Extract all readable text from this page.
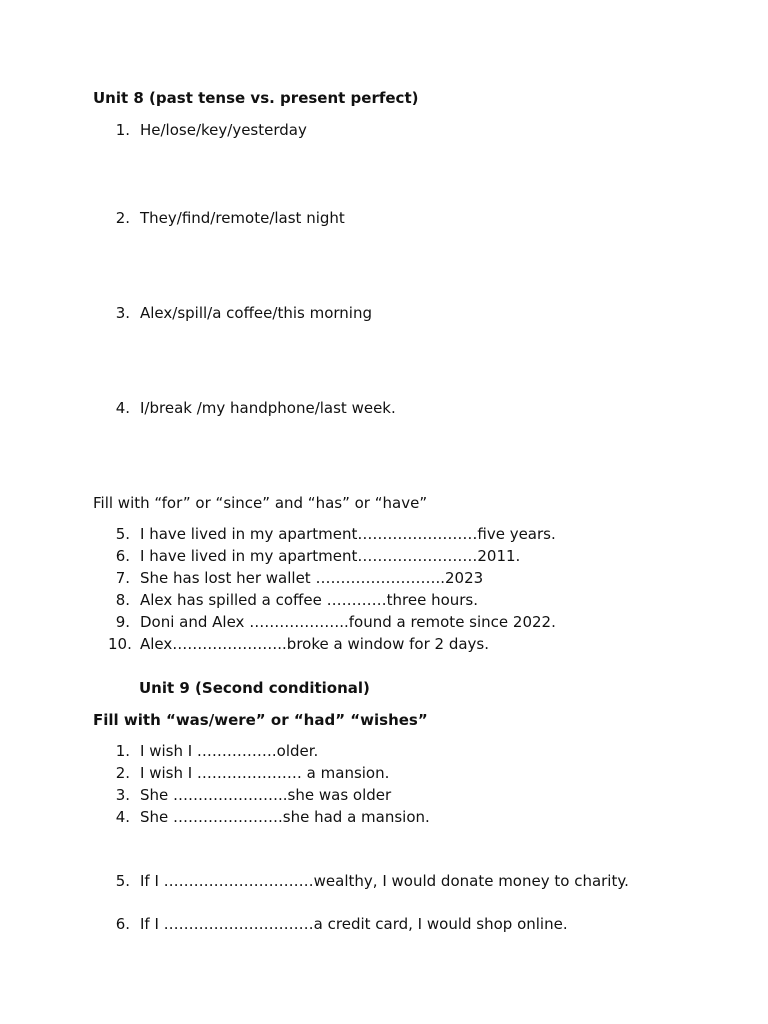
Unit 8 (past tense vs. present perfect)
1. He/lose/key/yesterday
2. They/find/remote/last night
3. Alex/spill/a coffee/this morning
4. I/break /my handphone/last week.
Fill with “for” or “since” and “has” or “have”
5. I have lived in my apartment……………………five years.
6. I have lived in my apartment……………………2011.
7. She has lost her wallet ……………………..2023
8. Alex has spilled a coffee …………three hours.
9. Doni and Alex ………………..found a remote since 2022.
10. Alex…………………..broke a window for 2 days.
Unit 9 (Second conditional)
Fill with “was/were” or “had” “wishes”
1. I wish I …………….older.
2. I wish I ………………… a mansion.
3. She …………………..she was older
4. She ………………….she had a mansion.
5. If I …………………………wealthy, I would donate money to charity.
6. If I …………………………a credit card, I would shop online.
